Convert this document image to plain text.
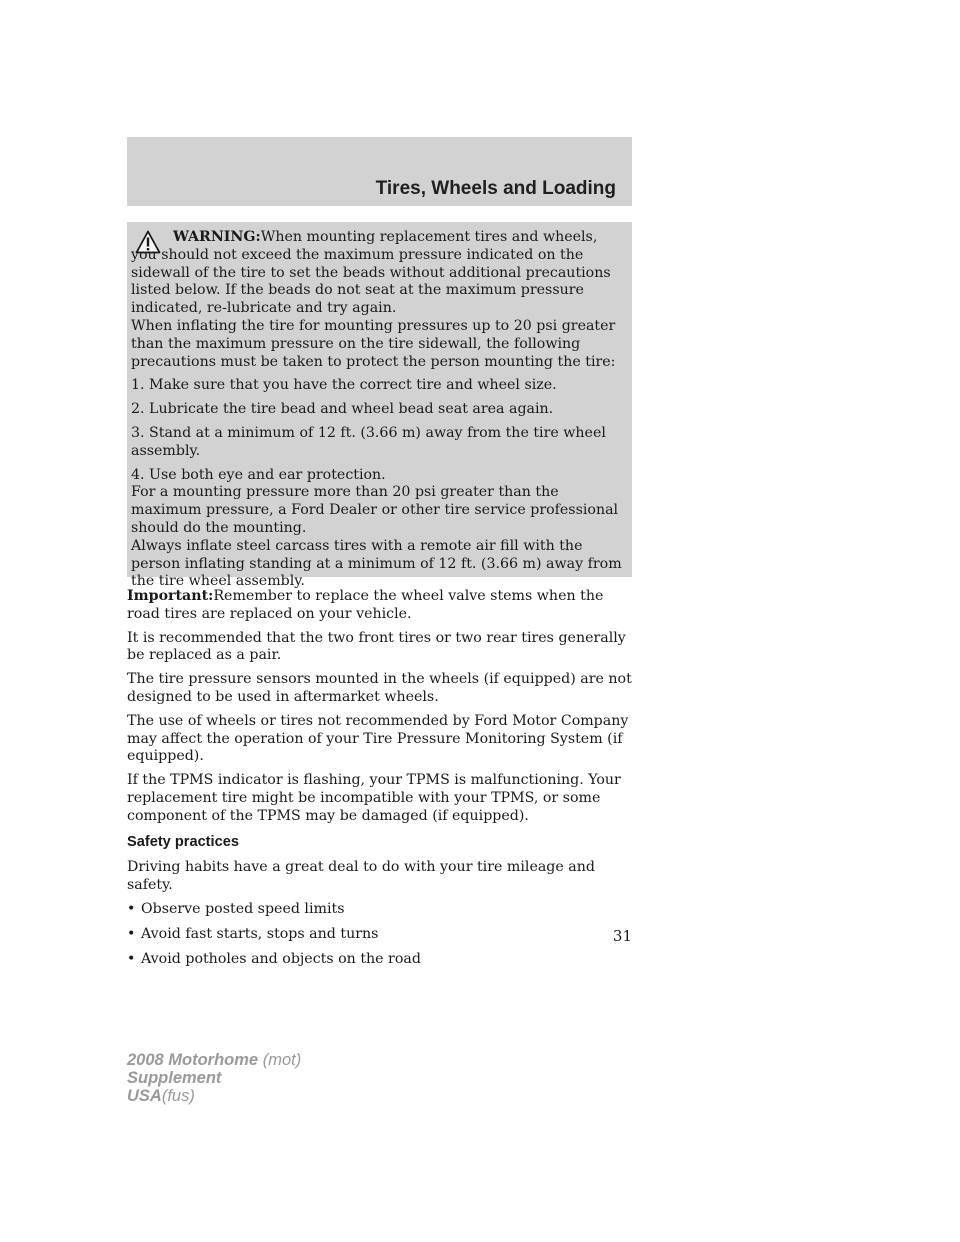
Tires, Wheels and Loading

WARNING:When mounting replacement tires and wheels, you should not exceed the maximum pressure indicated on the sidewall of the tire to set the beads without additional precautions listed below. If the beads do not seat at the maximum pressure indicated, re-lubricate and try again.

When inflating the tire for mounting pressures up to 20 psi greater than the maximum pressure on the tire sidewall, the following precautions must be taken to protect the person mounting the tire:

1. Make sure that you have the correct tire and wheel size.

2. Lubricate the tire bead and wheel bead seat area again.

3. Stand at a minimum of 12 ft. (3.66 m) away from the tire wheel assembly.

4. Use both eye and ear protection.

For a mounting pressure more than 20 psi greater than the maximum pressure, a Ford Dealer or other tire service professional should do the mounting.

Always inflate steel carcass tires with a remote air fill with the person inflating standing at a minimum of 12 ft. (3.66 m) away from the tire wheel assembly.

Important:Remember to replace the wheel valve stems when the road tires are replaced on your vehicle.

It is recommended that the two front tires or two rear tires generally be replaced as a pair.

The tire pressure sensors mounted in the wheels (if equipped) are not designed to be used in aftermarket wheels.

The use of wheels or tires not recommended by Ford Motor Company may affect the operation of your Tire Pressure Monitoring System (if equipped).

If the TPMS indicator is flashing, your TPMS is malfunctioning. Your replacement tire might be incompatible with your TPMS, or some component of the TPMS may be damaged (if equipped).

Safety practices

Driving habits have a great deal to do with your tire mileage and safety.

• Observe posted speed limits
• Avoid fast starts, stops and turns
• Avoid potholes and objects on the road
31
2008 Motorhome (mot)
Supplement
USA(fus)
